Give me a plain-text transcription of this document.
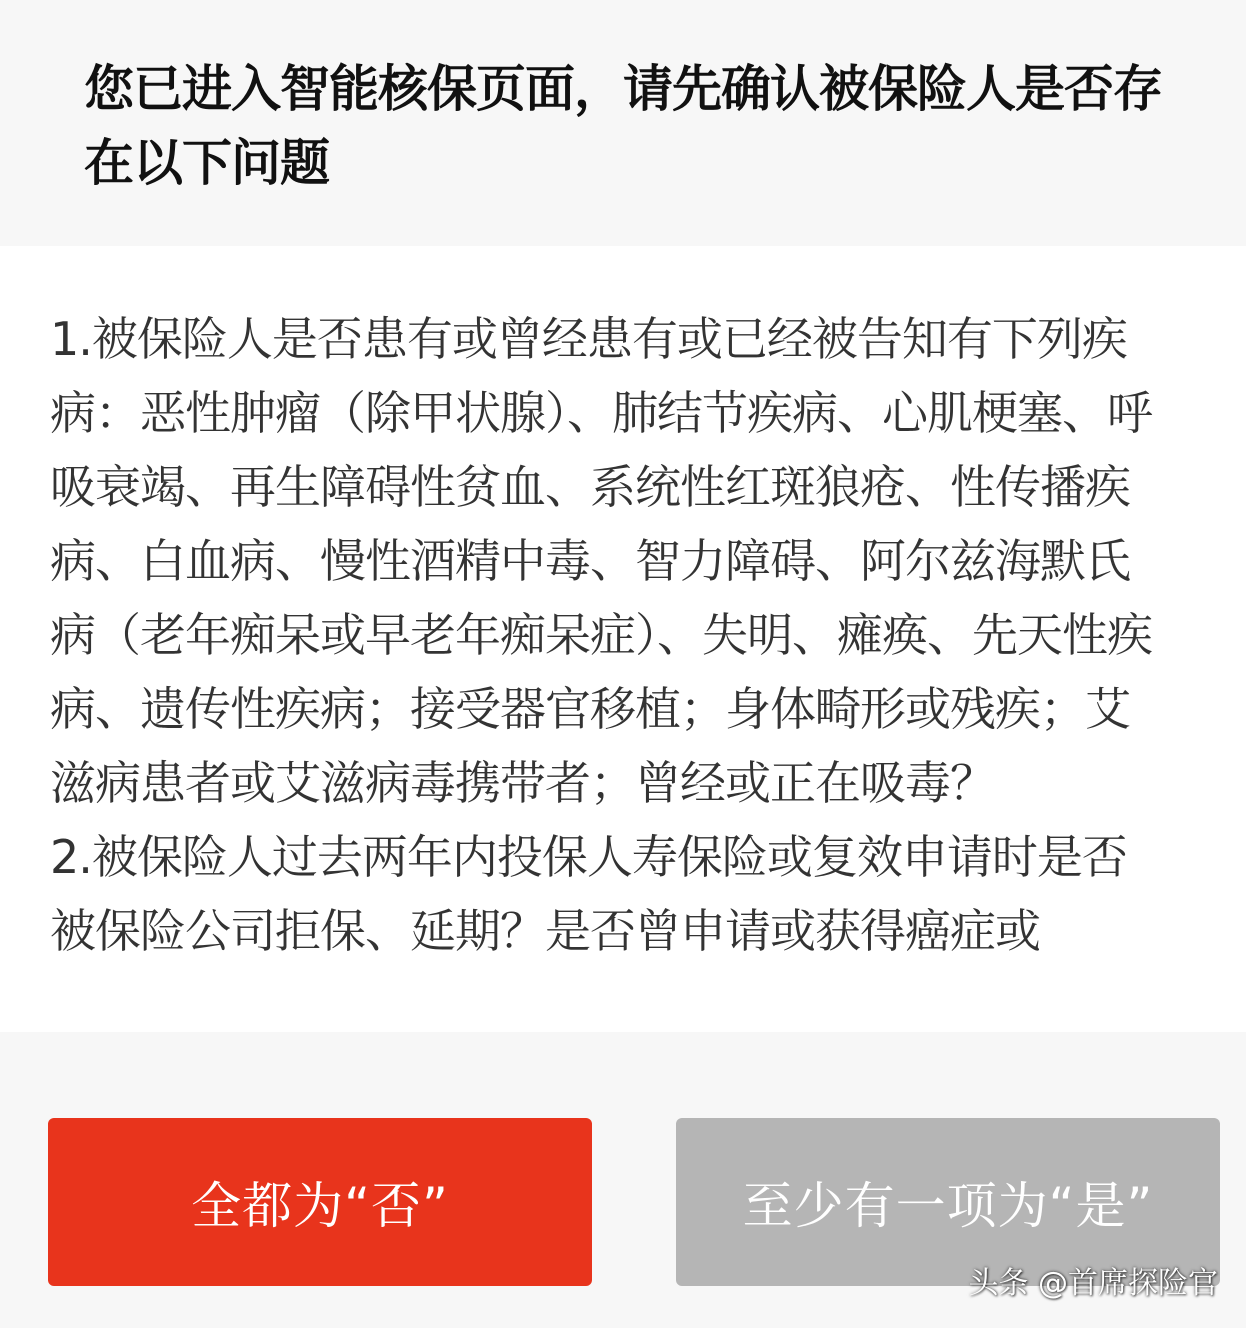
您已进入智能核保页面，请先确认被保险人是否存在以下问题
1.被保险人是否患有或曾经患有或已经被告知有下列疾病：恶性肿瘤（除甲状腺）、肺结节疾病、心肌梗塞、呼吸衰竭、再生障碍性贫血、系统性红斑狼疮、性传播疾病、白血病、慢性酒精中毒、智力障碍、阿尔兹海默氏病（老年痴呆或早老年痴呆症）、失明、瘫痪、先天性疾病、遗传性疾病；接受器官移植；身体畸形或残疾；艾滋病患者或艾滋病毒携带者；曾经或正在吸毒？
2.被保险人过去两年内投保人寿保险或复效申请时是否被保险公司拒保、延期？是否曾申请或获得癌症或
全都为“否”	至少有一项为“是”
头条 @首席探险官
